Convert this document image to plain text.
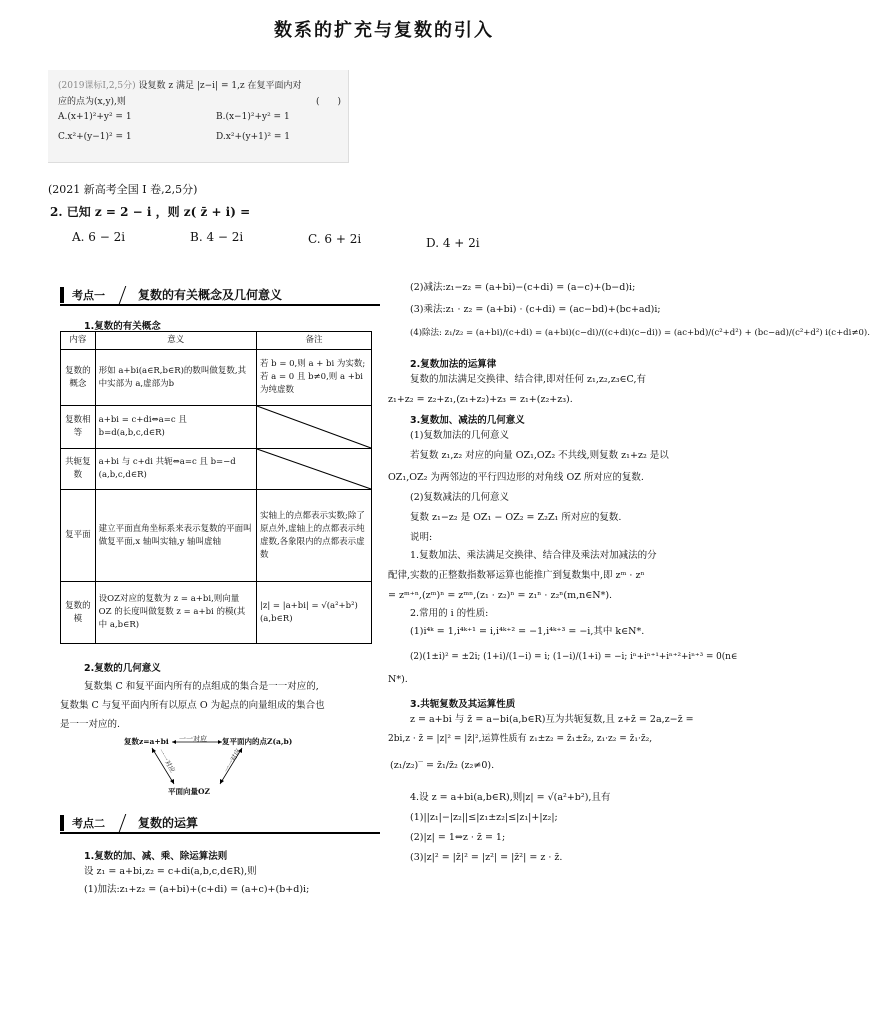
数系的扩充与复数的引入
(2019课标Ⅰ,2,5分) 设复数 z 满足 |z−i| = 1,z 在复平面内对
应的点为(x,y),则	(　　)
A.(x+1)²+y² = 1	B.(x−1)²+y² = 1
C.x²+(y−1)² = 1	D.x²+(y+1)² = 1
(2021 新高考全国 Ⅰ 卷,2,5分)
2. 已知 z = 2 − i ，则 z( z̄ + i) =
A. 6 − 2i	B. 4 − 2i	C. 6 + 2i	D. 4 + 2i
考点一	复数的有关概念及几何意义
1.复数的有关概念
内容	意义	备注
复数的概念	形如 a+bi(a∈R,b∈R)的数叫做复数,其中实部为 a,虚部为b	若 b = 0,则 a + bi 为实数;若 a = 0 且 b≠0,则 a +bi 为纯虚数
复数相等	a+bi = c+di⇔a=c 且 b=d(a,b,c,d∈R)	

共轭复数	a+bi 与 c+di 共轭⇔a=c 且 b=−d (a,b,c,d∈R)	

复平面	建立平面直角坐标系来表示复数的平面叫做复平面,x 轴叫实轴,y 轴叫虚轴	实轴上的点都表示实数;除了原点外,虚轴上的点都表示纯虚数,各象限内的点都表示虚数
复数的模	设OZ对应的复数为 z = a+bi,则向量 OZ 的长度叫做复数 z = a+bi 的模(其中 a,b∈R)	|z| = |a+bi| = √(a²+b²) (a,b∈R)
2.复数的几何意义
复数集 C 和复平面内所有的点组成的集合是一一对应的,
复数集 C 与复平面内所有以原点 O 为起点的向量组成的集合也
是一一对应的.
复数z=a+bi 一一对应 复平面内的点Z(a,b)
一一对应	一一对应
平面向量OZ
考点二	复数的运算
1.复数的加、减、乘、除运算法则
设 z₁ = a+bi,z₂ = c+di(a,b,c,d∈R),则
(1)加法:z₁+z₂ = (a+bi)+(c+di) = (a+c)+(b+d)i;
(2)减法:z₁−z₂ = (a+bi)−(c+di) = (a−c)+(b−d)i;
(3)乘法:z₁ · z₂ = (a+bi) · (c+di) = (ac−bd)+(bc+ad)i;
(4)除法: z₁/z₂ = (a+bi)/(c+di) = (a+bi)(c−di)/((c+di)(c−di)) = (ac+bd)/(c²+d²) + (bc−ad)/(c²+d²) i(c+di≠0).
2.复数加法的运算律
复数的加法满足交换律、结合律,即对任何 z₁,z₂,z₃∈C,有
z₁+z₂ = z₂+z₁,(z₁+z₂)+z₃ = z₁+(z₂+z₃).
3.复数加、减法的几何意义
(1)复数加法的几何意义
若复数 z₁,z₂ 对应的向量 OZ₁,OZ₂ 不共线,则复数 z₁+z₂ 是以
OZ₁,OZ₂ 为两邻边的平行四边形的对角线 OZ 所对应的复数.
(2)复数减法的几何意义
复数 z₁−z₂ 是 OZ₁ − OZ₂ = Z₂Z₁ 所对应的复数.
说明:
1.复数加法、乘法满足交换律、结合律及乘法对加减法的分
配律,实数的正整数指数幂运算也能推广到复数集中,即 zᵐ · zⁿ
= zᵐ⁺ⁿ,(zᵐ)ⁿ = zᵐⁿ,(z₁ · z₂)ⁿ = z₁ⁿ · z₂ⁿ(m,n∈N*).
2.常用的 i 的性质:
(1)i⁴ᵏ = 1,i⁴ᵏ⁺¹ = i,i⁴ᵏ⁺² = −1,i⁴ᵏ⁺³ = −i,其中 k∈N*.
(2)(1±i)² = ±2i; (1+i)/(1−i) = i; (1−i)/(1+i) = −i; iⁿ+iⁿ⁺¹+iⁿ⁺²+iⁿ⁺³ = 0(n∈
N*).
3.共轭复数及其运算性质
z = a+bi 与 z̄ = a−bi(a,b∈R)互为共轭复数,且 z+z̄ = 2a,z−z̄ =
2bi,z · z̄ = |z|² = |z̄|²,运算性质有 z₁±z₂ = z̄₁±z̄₂, z₁·z₂ = z̄₁·z̄₂,
(z₁/z₂)‾ = z̄₁/z̄₂ (z₂≠0).
4.设 z = a+bi(a,b∈R),则|z| = √(a²+b²),且有
(1)||z₁|−|z₂||≤|z₁±z₂|≤|z₁|+|z₂|;
(2)|z| = 1⇔z · z̄ = 1;
(3)|z|² = |z̄|² = |z²| = |z̄²| = z · z̄.
